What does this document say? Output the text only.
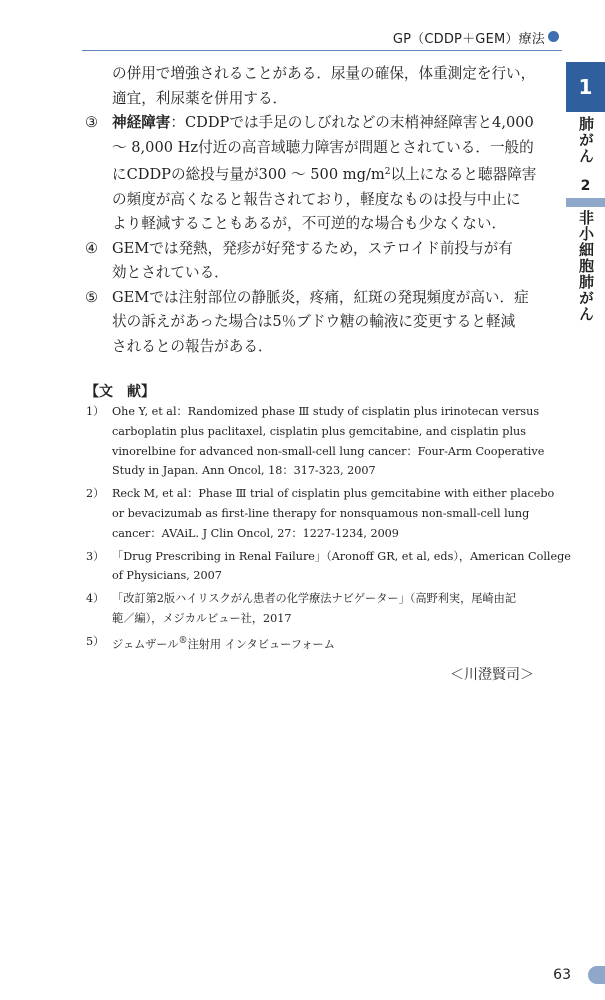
GP（CDDP＋GEM）療法
1
肺がん
2
非小細胞肺がん
の併用で増強されることがある．尿量の確保，体重測定を行い，
適宜，利尿薬を併用する．
③ 神経障害：CDDPでは手足のしびれなどの末梢神経障害と4,000
〜 8,000 Hz付近の高音域聴力障害が問題とされている．一般的
にCDDPの総投与量が300 〜 500 $mg/m^2$以上になると聴器障害
の頻度が高くなると報告されており，軽度なものは投与中止に
より軽減することもあるが，不可逆的な場合も少なくない．
④ GEMでは発熱，発疹が好発するため，ステロイド前投与が有
効とされている．
⑤ GEMでは注射部位の静脈炎，疼痛，紅斑の発現頻度が高い．症
状の訴えがあった場合は5％ブドウ糖の輸液に変更すると軽減
されるとの報告がある．
【文　献】
1） Ohe Y, et al：Randomized phase Ⅲ study of cisplatin plus irinotecan versus
carboplatin plus paclitaxel, cisplatin plus gemcitabine, and cisplatin plus
vinorelbine for advanced non-small-cell lung cancer：Four-Arm Cooperative
Study in Japan. Ann Oncol, 18：317-323, 2007
2） Reck M, et al：Phase Ⅲ trial of cisplatin plus gemcitabine with either placebo
or bevacizumab as first-line therapy for nonsquamous non-small-cell lung
cancer：AVAiL. J Clin Oncol, 27：1227-1234, 2009
3） 「Drug Prescribing in Renal Failure」（Aronoff GR, et al, eds），American College
of Physicians, 2007
4） 「改訂第2版ハイリスクがん患者の化学療法ナビゲーター」（高野利実，尾崎由記
範／編），メジカルビュー社，2017
5） ジェムザール®注射用 インタビューフォーム
＜川澄賢司＞
63
